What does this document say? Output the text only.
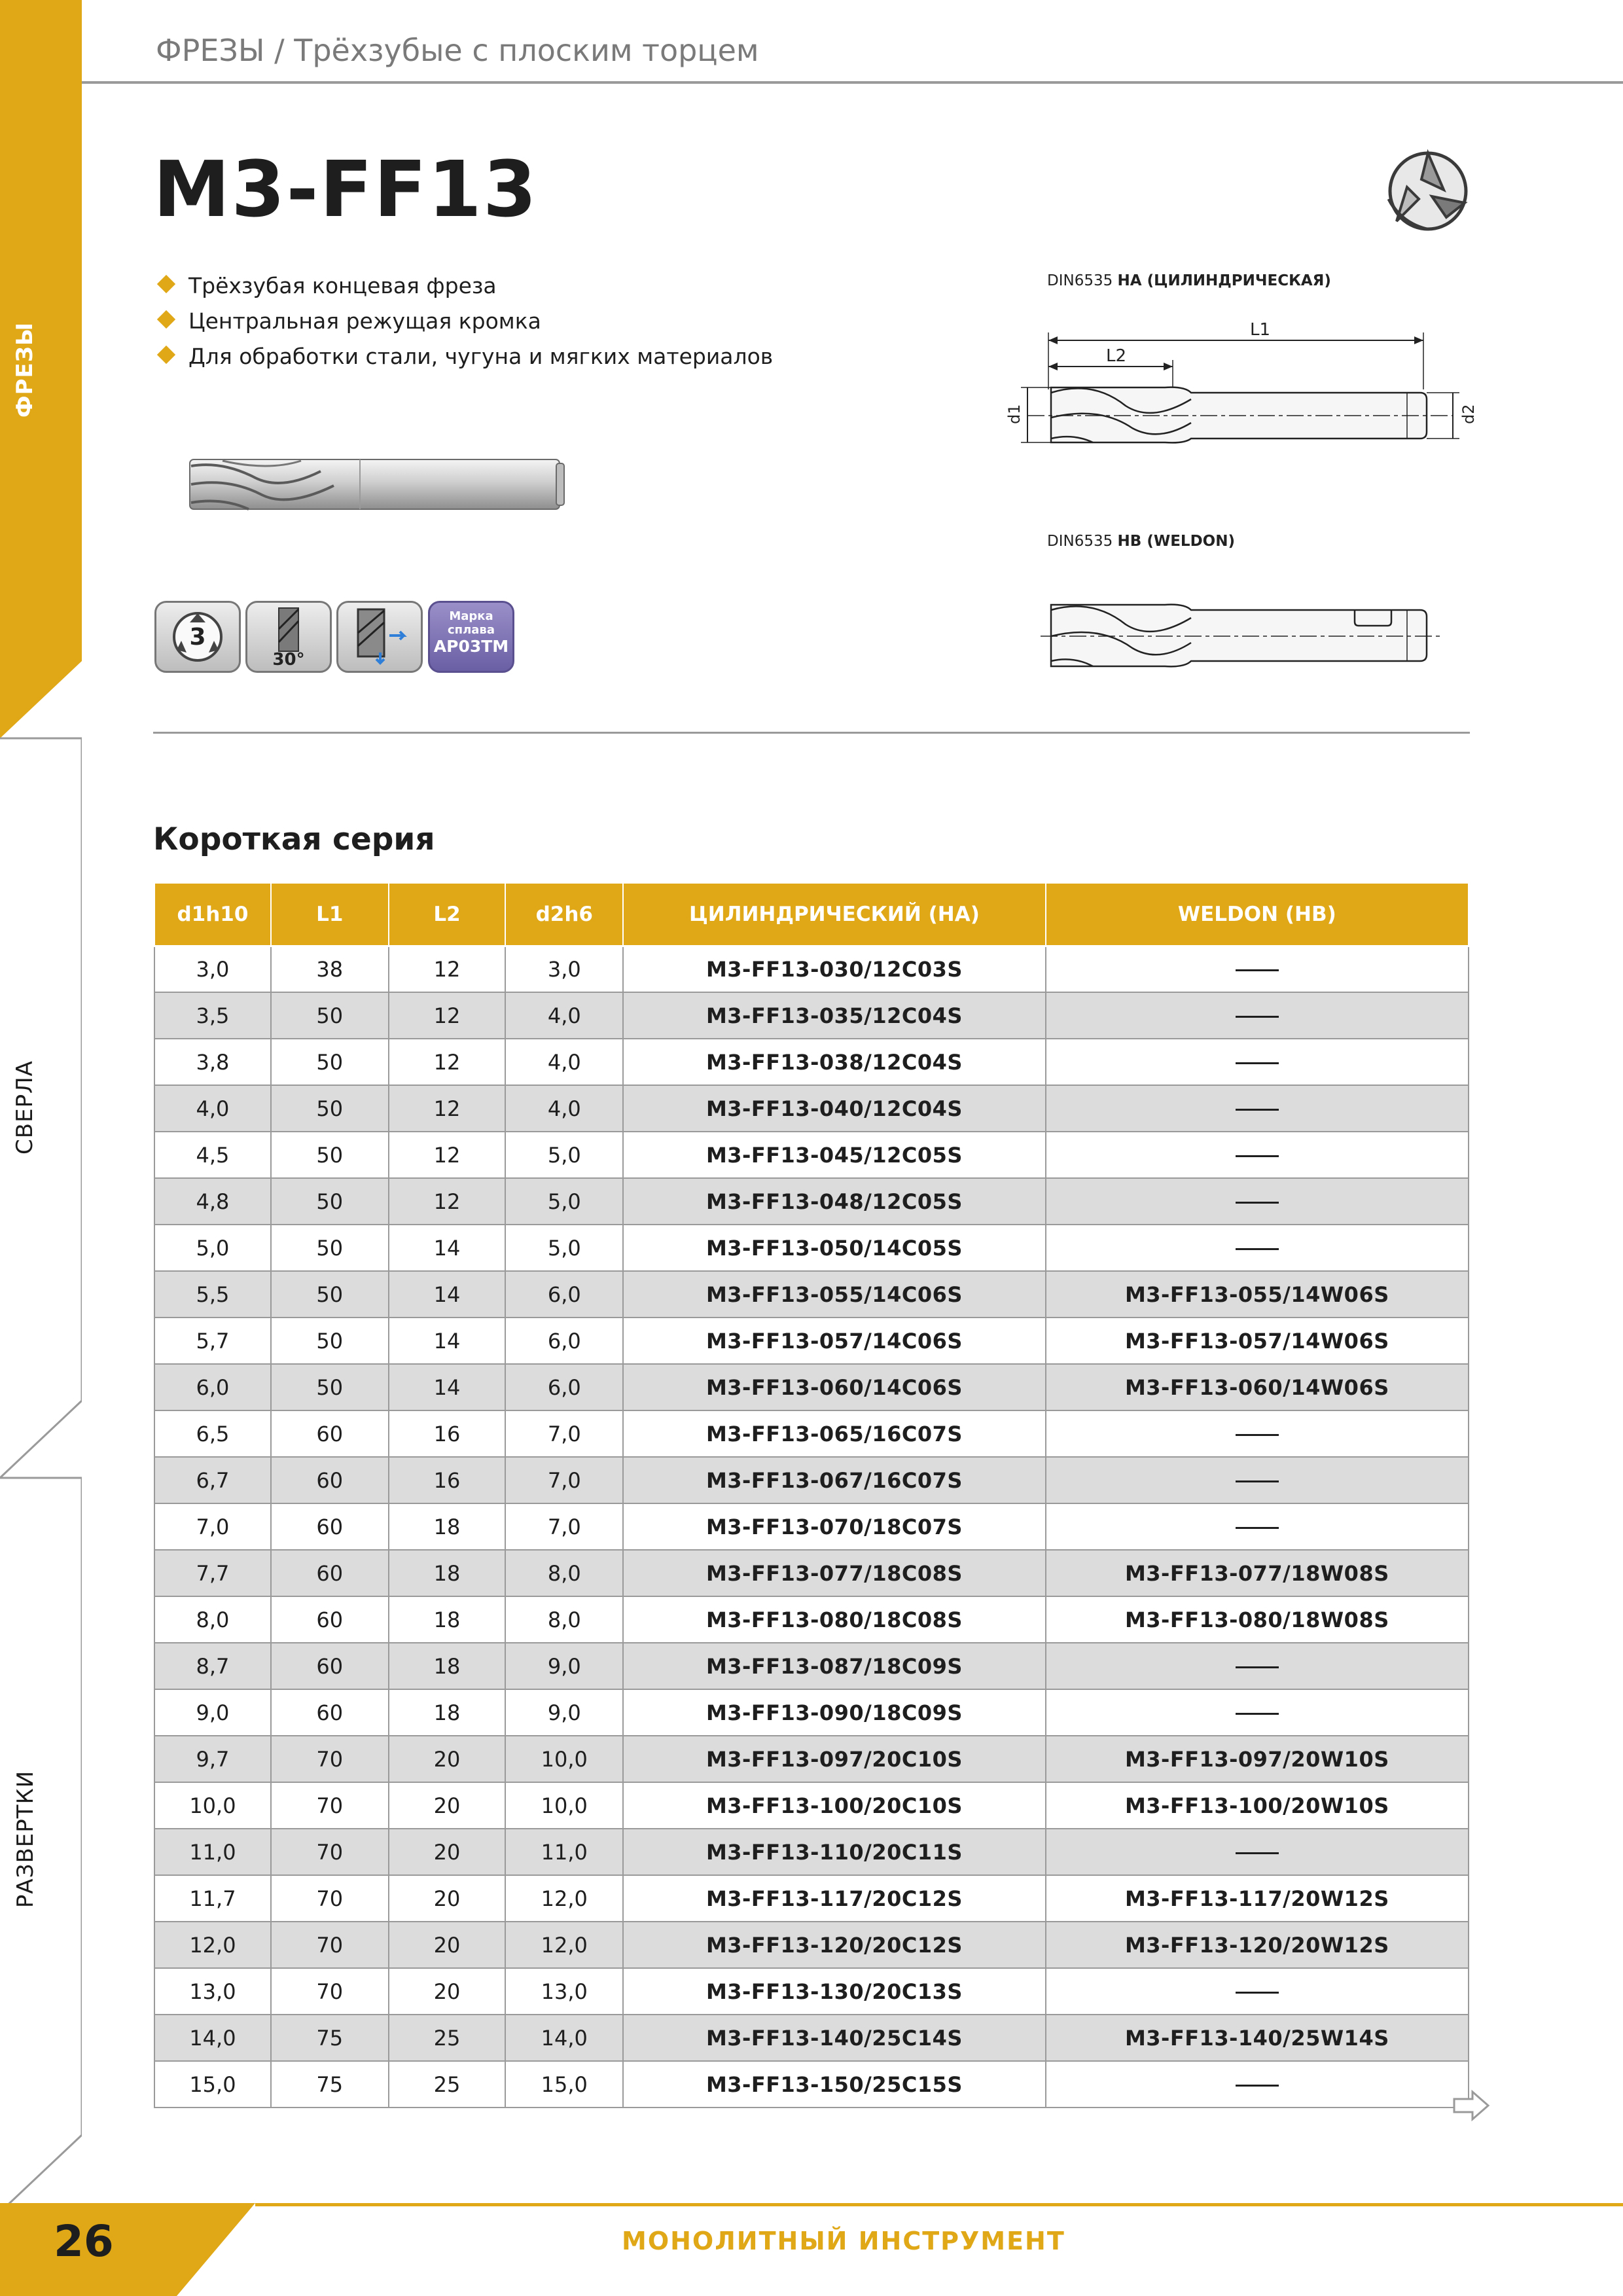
ФРЕЗЫ
СВЕРЛА
РАЗВЕРТКИ
ФРЕЗЫ / Трёхзубые с плоским торцем
M3-FF13
Трёхзубая концевая фреза
Центральная режущая кромка
Для обработки стали, чугуна и мягких материалов
3
30°
Марка
сплава
AP03TM
DIN6535 HA (ЦИЛИНДРИЧЕСКАЯ)
L1
L2
d1	d2
DIN6535 HB (WELDON)
Короткая серия
d1h10	L1	L2	d2h6	ЦИЛИНДРИЧЕСКИЙ (HA)	WELDON (HB)
3,0	38	12	3,0	M3-FF13-030/12C03S	
3,5	50	12	4,0	M3-FF13-035/12C04S	
3,8	50	12	4,0	M3-FF13-038/12C04S	
4,0	50	12	4,0	M3-FF13-040/12C04S	
4,5	50	12	5,0	M3-FF13-045/12C05S	
4,8	50	12	5,0	M3-FF13-048/12C05S	
5,0	50	14	5,0	M3-FF13-050/14C05S	
5,5	50	14	6,0	M3-FF13-055/14C06S	M3-FF13-055/14W06S
5,7	50	14	6,0	M3-FF13-057/14C06S	M3-FF13-057/14W06S
6,0	50	14	6,0	M3-FF13-060/14C06S	M3-FF13-060/14W06S
6,5	60	16	7,0	M3-FF13-065/16C07S	
6,7	60	16	7,0	M3-FF13-067/16C07S	
7,0	60	18	7,0	M3-FF13-070/18C07S	
7,7	60	18	8,0	M3-FF13-077/18C08S	M3-FF13-077/18W08S
8,0	60	18	8,0	M3-FF13-080/18C08S	M3-FF13-080/18W08S
8,7	60	18	9,0	M3-FF13-087/18C09S	
9,0	60	18	9,0	M3-FF13-090/18C09S	
9,7	70	20	10,0	M3-FF13-097/20C10S	M3-FF13-097/20W10S
10,0	70	20	10,0	M3-FF13-100/20C10S	M3-FF13-100/20W10S
11,0	70	20	11,0	M3-FF13-110/20C11S	
11,7	70	20	12,0	M3-FF13-117/20C12S	M3-FF13-117/20W12S
12,0	70	20	12,0	M3-FF13-120/20C12S	M3-FF13-120/20W12S
13,0	70	20	13,0	M3-FF13-130/20C13S	
14,0	75	25	14,0	M3-FF13-140/25C14S	M3-FF13-140/25W14S
15,0	75	25	15,0	M3-FF13-150/25C15S	
26	МОНОЛИТНЫЙ ИНСТРУМЕНТ
